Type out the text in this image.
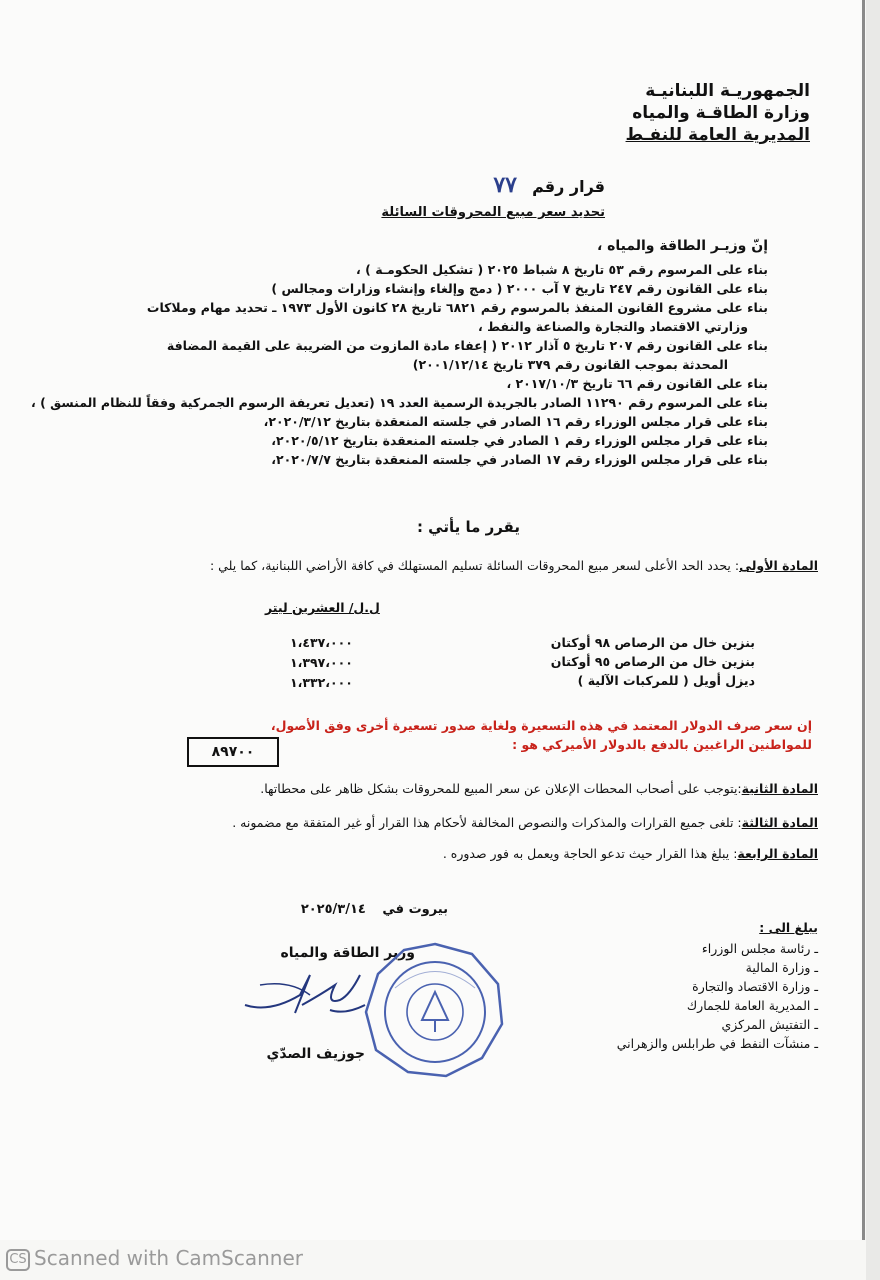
الجمهوريـة اللبنانيـة
وزارة الطاقـة والمياه
المديرية العامة للنفـط
قرار رقم ٧٧
تحديد سعر مبيع المحروقات السائلة
إنّ وزيـر الطاقة والمياه ،
بناء على المرسوم رقم ٥٣ تاريخ ٨ شباط ٢٠٢٥ ( تشكيل الحكومـة ) ،
بناء على القانون رقم ٢٤٧ تاريخ ٧ آب ٢٠٠٠ ( دمج وإلغاء وإنشاء وزارات ومجالس )
بناء على مشروع القانون المنفذ بالمرسوم رقم ٦٨٢١ تاريخ ٢٨ كانون الأول ١٩٧٣ ـ تحديد مهام وملاكات
وزارتي الاقتصاد والتجارة والصناعة والنفط ،
بناء على القانون رقم ٢٠٧ تاريخ ٥ آذار ٢٠١٢ ( إعفاء مادة المازوت من الضريبة على القيمة المضافة
المحدثة بموجب القانون رقم ٣٧٩ تاريخ ٢٠٠١/١٢/١٤)
بناء على القانون رقم ٦٦ تاريخ ٢٠١٧/١٠/٣ ،
بناء على المرسوم رقم ١١٢٩٠ الصادر بالجريدة الرسمية العدد ١٩ (تعديل تعريفة الرسوم الجمركية وفقاً للنظام المنسق ) ،
بناء على قرار مجلس الوزراء رقم ١٦ الصادر في جلسته المنعقدة بتاريخ ٢٠٢٠/٣/١٢،
بناء على قرار مجلس الوزراء رقم ١ الصادر في جلسته المنعقدة بتاريخ ٢٠٢٠/٥/١٢،
بناء على قرار مجلس الوزراء رقم ١٧ الصادر في جلسته المنعقدة بتاريخ ٢٠٢٠/٧/٧،
يقرر ما يأتي :
المادة الأولى: يحدد الحد الأعلى لسعر مبيع المحروقات السائلة تسليم المستهلك في كافة الأراضي اللبنانية، كما يلي :
ل.ل/ العشرين ليتر
بنزين خال من الرصاص ٩٨ أوكتان
بنزين خال من الرصاص ٩٥ أوكتان
ديزل أويل ( للمركبات الآلية )
١،٤٣٧،٠٠٠
١،٣٩٧،٠٠٠
١،٣٣٢،٠٠٠
إن سعر صرف الدولار المعتمد في هذه التسعيرة ولغاية صدور تسعيرة أخرى وفق الأصول،
للمواطنين الراغبين بالدفع بالدولار الأميركي هو :
٨٩٧٠٠
المادة الثانية:يتوجب على أصحاب المحطات الإعلان عن سعر المبيع للمحروقات بشكل ظاهر على محطاتها.
المادة الثالثة: تلغى جميع القرارات والمذكرات والنصوص المخالفة لأحكام هذا القرار أو غير المتفقة مع مضمونه .
المادة الرابعة: يبلغ هذا القرار حيث تدعو الحاجة ويعمل به فور صدوره .
بيروت في ٢٠٢٥/٣/١٤
وزير الطاقة والمياه
جوزيف الصدّي
يبلغ الى :
ـ رئاسة مجلس الوزراء
ـ وزارة المالية
ـ وزارة الاقتصاد والتجارة
ـ المديرية العامة للجمارك
ـ التفتيش المركزي
ـ منشآت النفط في طرابلس والزهراني
CS Scanned with CamScanner
